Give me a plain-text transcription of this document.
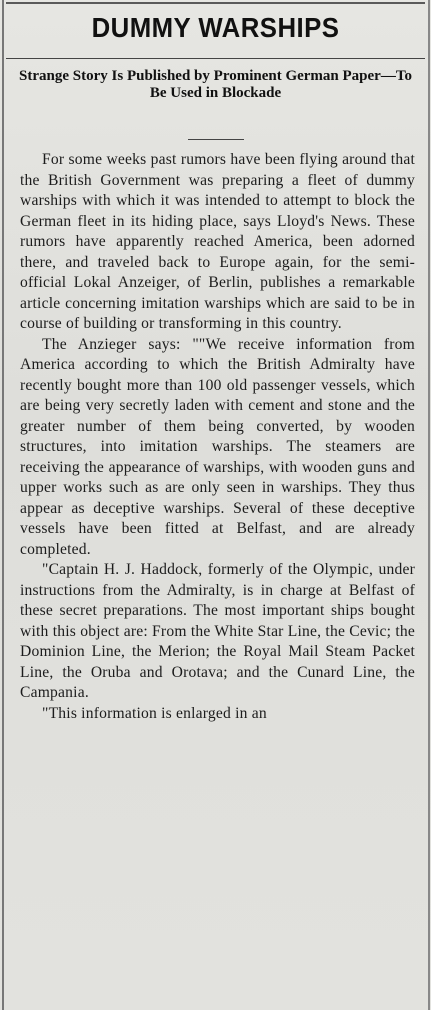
DUMMY WARSHIPS
Strange Story Is Published by Prominent German Paper—To Be Used in Blockade

For some weeks past rumors have been flying around that the British Government was preparing a fleet of dummy warships with which it was intended to attempt to block the German fleet in its hiding place, says Lloyd's News. These rumors have apparently reached America, been adorned there, and traveled back to Europe again, for the semi-official Lokal Anzeiger, of Berlin, publishes a remarkable article concerning imitation warships which are said to be in course of building or transforming in this country.

The Anzieger says: ""We receive information from America according to which the British Admiralty have recently bought more than 100 old passenger vessels, which are being very secretly laden with cement and stone and the greater number of them being converted, by wooden structures, into imitation warships. The steamers are receiving the appearance of warships, with wooden guns and upper works such as are only seen in warships. They thus appear as deceptive warships. Several of these deceptive vessels have been fitted at Belfast, and are already completed.

"Captain H. J. Haddock, formerly of the Olympic, under instructions from the Admiralty, is in charge at Belfast of these secret preparations. The most important ships bought with this object are: From the White Star Line, the Cevic; the Dominion Line, the Merion; the Royal Mail Steam Packet Line, the Oruba and Orotava; and the Cunard Line, the Campania.

"This information is enlarged in an
